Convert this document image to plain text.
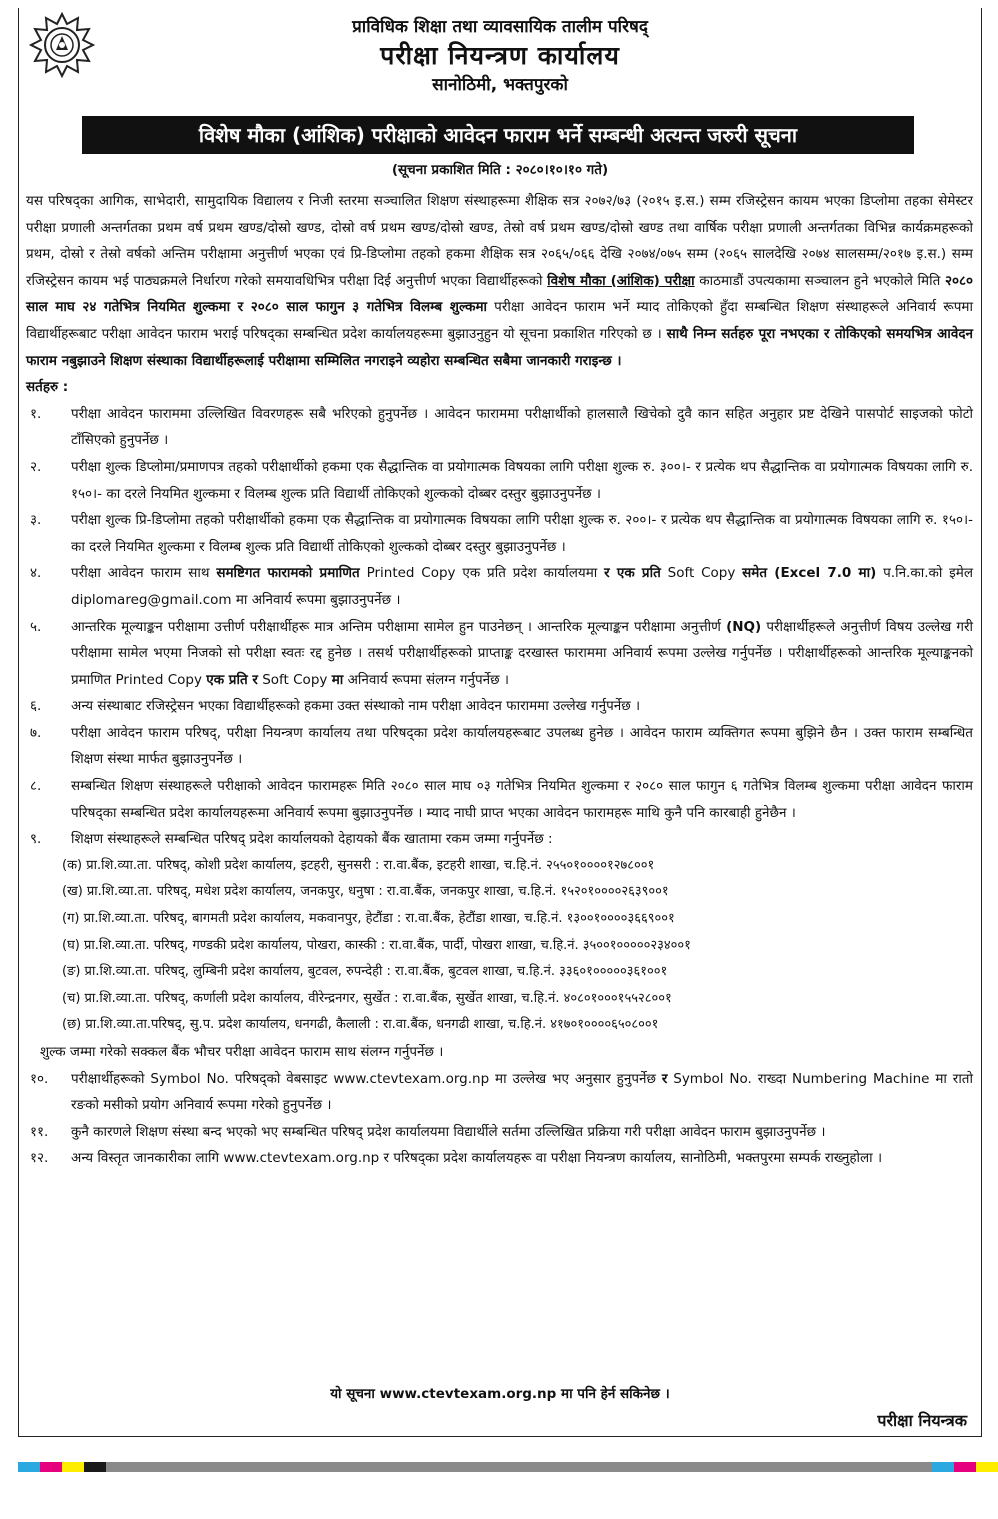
प्राविधिक शिक्षा तथा व्यावसायिक तालीम परिषद्
परीक्षा नियन्त्रण कार्यालय
सानोठिमी, भक्तपुरको
विशेष मौका (आंशिक) परीक्षाको आवेदन फाराम भर्ने सम्बन्धी अत्यन्त जरुरी सूचना
(सूचना प्रकाशित मिति : २०८०।१०।१० गते)

यस परिषद्का आगिक, साभेदारी, सामुदायिक विद्यालय र निजी स्तरमा सञ्चालित शिक्षण संस्थाहरूमा शैक्षिक सत्र २०७२/७३ (२०१५ इ.स.) सम्म रजिस्ट्रेसन कायम भएका डिप्लोमा तहका सेमेस्टर परीक्षा प्रणाली अन्तर्गतका प्रथम वर्ष प्रथम खण्ड/दोस्रो खण्ड, दोस्रो वर्ष प्रथम खण्ड/दोस्रो खण्ड, तेस्रो वर्ष प्रथम खण्ड/दोस्रो खण्ड तथा वार्षिक परीक्षा प्रणाली अन्तर्गतका विभिन्न कार्यक्रमहरूको प्रथम, दोस्रो र तेस्रो वर्षको अन्तिम परीक्षामा अनुत्तीर्ण भएका एवं प्रि-डिप्लोमा तहको हकमा शैक्षिक सत्र २०६५/०६६ देखि २०७४/०७५ सम्म (२०६५ सालदेखि २०७४ सालसम्म/२०१७ इ.स.) सम्म रजिस्ट्रेसन कायम भई पाठ्यक्रमले निर्धारण गरेको समयावधिभित्र परीक्षा दिई अनुत्तीर्ण भएका विद्यार्थीहरूको विशेष मौका (आंशिक) परीक्षा काठमाडौं उपत्यकामा सञ्चालन हुने भएकोले मिति २०८० साल माघ २४ गतेभित्र नियमित शुल्कमा र २०८० साल फागुन ३ गतेभित्र विलम्ब शुल्कमा परीक्षा आवेदन फाराम भर्ने म्याद तोकिएको हुँदा सम्बन्धित शिक्षण संस्थाहरूले अनिवार्य रूपमा विद्यार्थीहरूबाट परीक्षा आवेदन फाराम भराई परिषद्का सम्बन्धित प्रदेश कार्यालयहरूमा बुझाउनुहुन यो सूचना प्रकाशित गरिएको छ । साथै निम्न सर्तहरु पूरा नभएका र तोकिएको समयभित्र आवेदन फाराम नबुझाउने शिक्षण संस्थाका विद्यार्थीहरूलाई परीक्षामा सम्मिलित नगराइने व्यहोरा सम्बन्धित सबैमा जानकारी गराइन्छ ।

सर्तहरु :

१. परीक्षा आवेदन फाराममा उल्लिखित विवरणहरू सबै भरिएको हुनुपर्नेछ । आवेदन फाराममा परीक्षार्थीको हालसालै खिचेको दुवै कान सहित अनुहार प्रष्ट देखिने पासपोर्ट साइजको फोटो टाँसिएको हुनुपर्नेछ ।

२. परीक्षा शुल्क डिप्लोमा/प्रमाणपत्र तहको परीक्षार्थीको हकमा एक सैद्धान्तिक वा प्रयोगात्मक विषयका लागि परीक्षा शुल्क रु. ३००।- र प्रत्येक थप सैद्धान्तिक वा प्रयोगात्मक विषयका लागि रु. १५०।- का दरले नियमित शुल्कमा र विलम्ब शुल्क प्रति विद्यार्थी तोकिएको शुल्कको दोब्बर दस्तुर बुझाउनुपर्नेछ ।

३. परीक्षा शुल्क प्रि-डिप्लोमा तहको परीक्षार्थीको हकमा एक सैद्धान्तिक वा प्रयोगात्मक विषयका लागि परीक्षा शुल्क रु. २००।- र प्रत्येक थप सैद्धान्तिक वा प्रयोगात्मक विषयका लागि रु. १५०।- का दरले नियमित शुल्कमा र विलम्ब शुल्क प्रति विद्यार्थी तोकिएको शुल्कको दोब्बर दस्तुर बुझाउनुपर्नेछ ।

४. परीक्षा आवेदन फाराम साथ समष्टिगत फारामको प्रमाणित Printed Copy एक प्रति प्रदेश कार्यालयमा र एक प्रति Soft Copy समेत (Excel 7.0 मा) प.नि.का.को इमेल diplomareg@gmail.com मा अनिवार्य रूपमा बुझाउनुपर्नेछ ।

५. आन्तरिक मूल्याङ्कन परीक्षामा उत्तीर्ण परीक्षार्थीहरू मात्र अन्तिम परीक्षामा सामेल हुन पाउनेछन् । आन्तरिक मूल्याङ्कन परीक्षामा अनुत्तीर्ण (NQ) परीक्षार्थीहरूले अनुत्तीर्ण विषय उल्लेख गरी परीक्षामा सामेल भएमा निजको सो परीक्षा स्वतः रद्द हुनेछ । तसर्थ परीक्षार्थीहरूको प्राप्ताङ्क दरखास्त फाराममा अनिवार्य रूपमा उल्लेख गर्नुपर्नेछ । परीक्षार्थीहरूको आन्तरिक मूल्याङ्कनको प्रमाणित Printed Copy एक प्रति र Soft Copy मा अनिवार्य रूपमा संलग्न गर्नुपर्नेछ ।

६. अन्य संस्थाबाट रजिस्ट्रेसन भएका विद्यार्थीहरूको हकमा उक्त संस्थाको नाम परीक्षा आवेदन फाराममा उल्लेख गर्नुपर्नेछ ।

७. परीक्षा आवेदन फाराम परिषद्, परीक्षा नियन्त्रण कार्यालय तथा परिषद्का प्रदेश कार्यालयहरूबाट उपलब्ध हुनेछ । आवेदन फाराम व्यक्तिगत रूपमा बुझिने छैन । उक्त फाराम सम्बन्धित शिक्षण संस्था मार्फत बुझाउनुपर्नेछ ।

८. सम्बन्धित शिक्षण संस्थाहरूले परीक्षाको आवेदन फारामहरू मिति २०८० साल माघ ०३ गतेभित्र नियमित शुल्कमा र २०८० साल फागुन ६ गतेभित्र विलम्ब शुल्कमा परीक्षा आवेदन फाराम परिषद्का सम्बन्धित प्रदेश कार्यालयहरूमा अनिवार्य रूपमा बुझाउनुपर्नेछ । म्याद नाघी प्राप्त भएका आवेदन फारामहरू माथि कुनै पनि कारबाही हुनेछैन ।

९. शिक्षण संस्थाहरूले सम्बन्धित परिषद् प्रदेश कार्यालयको देहायको बैंक खातामा रकम जम्मा गर्नुपर्नेछ :

(क) प्रा.शि.व्या.ता. परिषद्, कोशी प्रदेश कार्यालय, इटहरी, सुनसरी : रा.वा.बैंक, इटहरी शाखा, च.हि.नं. २५५०१००००१२७८००१

(ख) प्रा.शि.व्या.ता. परिषद्, मधेश प्रदेश कार्यालय, जनकपुर, धनुषा : रा.वा.बैंक, जनकपुर शाखा, च.हि.नं. १५२०१००००२६३९००१

(ग) प्रा.शि.व्या.ता. परिषद्, बागमती प्रदेश कार्यालय, मकवानपुर, हेटौंडा : रा.वा.बैंक, हेटौंडा शाखा, च.हि.नं. १३००१००००३६६९००१

(घ) प्रा.शि.व्या.ता. परिषद्, गण्डकी प्रदेश कार्यालय, पोखरा, कास्की : रा.वा.बैंक, पार्दी, पोखरा शाखा, च.हि.नं. ३५००१०००००२३४००१

(ङ) प्रा.शि.व्या.ता. परिषद्, लुम्बिनी प्रदेश कार्यालय, बुटवल, रुपन्देही : रा.वा.बैंक, बुटवल शाखा, च.हि.नं. ३३६०१०००००३६१००१

(च) प्रा.शि.व्या.ता. परिषद्, कर्णाली प्रदेश कार्यालय, वीरेन्द्रनगर, सुर्खेत : रा.वा.बैंक, सुर्खेत शाखा, च.हि.नं. ४०८०१०००१५५२८००१

(छ) प्रा.शि.व्या.ता.परिषद्, सु.प. प्रदेश कार्यालय, धनगढी, कैलाली : रा.वा.बैंक, धनगढी शाखा, च.हि.नं. ४१७०१००००६५०८००१

शुल्क जम्मा गरेको सक्कल बैंक भौचर परीक्षा आवेदन फाराम साथ संलग्न गर्नुपर्नेछ ।

१०. परीक्षार्थीहरूको Symbol No. परिषद्को वेबसाइट www.ctevtexam.org.np मा उल्लेख भए अनुसार हुनुपर्नेछ र Symbol No. राख्दा Numbering Machine मा रातो रङको मसीको प्रयोग अनिवार्य रूपमा गरेको हुनुपर्नेछ ।

११. कुनै कारणले शिक्षण संस्था बन्द भएको भए सम्बन्धित परिषद् प्रदेश कार्यालयमा विद्यार्थीले सर्तमा उल्लिखित प्रक्रिया गरी परीक्षा आवेदन फाराम बुझाउनुपर्नेछ ।

१२. अन्य विस्तृत जानकारीका लागि www.ctevtexam.org.np र परिषद्का प्रदेश कार्यालयहरू वा परीक्षा नियन्त्रण कार्यालय, सानोठिमी, भक्तपुरमा सम्पर्क राख्नुहोला ।

यो सूचना www.ctevtexam.org.np मा पनि हेर्न सकिनेछ ।
परीक्षा नियन्त्रक
